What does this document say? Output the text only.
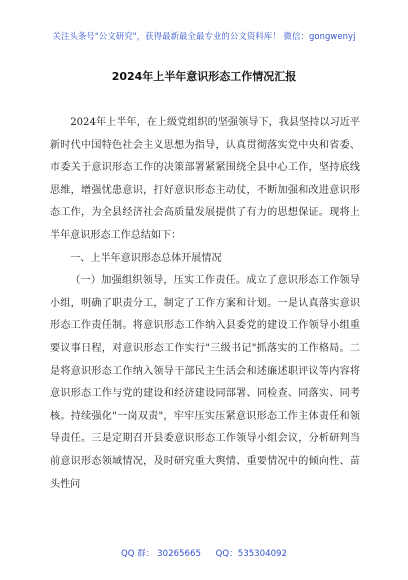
关注头条号"公文研究"，获得最新最全最专业的公文资料库！ 微信：gongwenyj
2024年上半年意识形态工作情况汇报

2024年上半年，在上级党组织的坚强领导下，我县坚持以习近平新时代中国特色社会主义思想为指导，认真贯彻落实党中央和省委、市委关于意识形态工作的决策部署紧紧围绕全县中心工作，坚持底线思维，增强忧患意识，打好意识形态主动仗，不断加强和改进意识形态工作，为全县经济社会高质量发展提供了有力的思想保证。现将上半年意识形态工作总结如下：

一、上半年意识形态总体开展情况

（一）加强组织领导，压实工作责任。成立了意识形态工作领导小组，明确了职责分工，制定了工作方案和计划。一是认真落实意识形态工作责任制。将意识形态工作纳入县委党的建设工作领导小组重要议事日程，对意识形态工作实行"三级书记"抓落实的工作格局。二是将意识形态工作纳入领导干部民主生活会和述廉述职评议等内容将意识形态工作与党的建设和经济建设同部署、同检查、同落实、同考核。持续强化"一岗双责"，牢牢压实压紧意识形态工作主体责任和领导责任。三是定期召开县委意识形态工作领导小组会议，分析研判当前意识形态领域情况，及时研究重大舆情、重要情况中的倾向性、苗头性问

QQ 群： 30265665 QQ：535304092
